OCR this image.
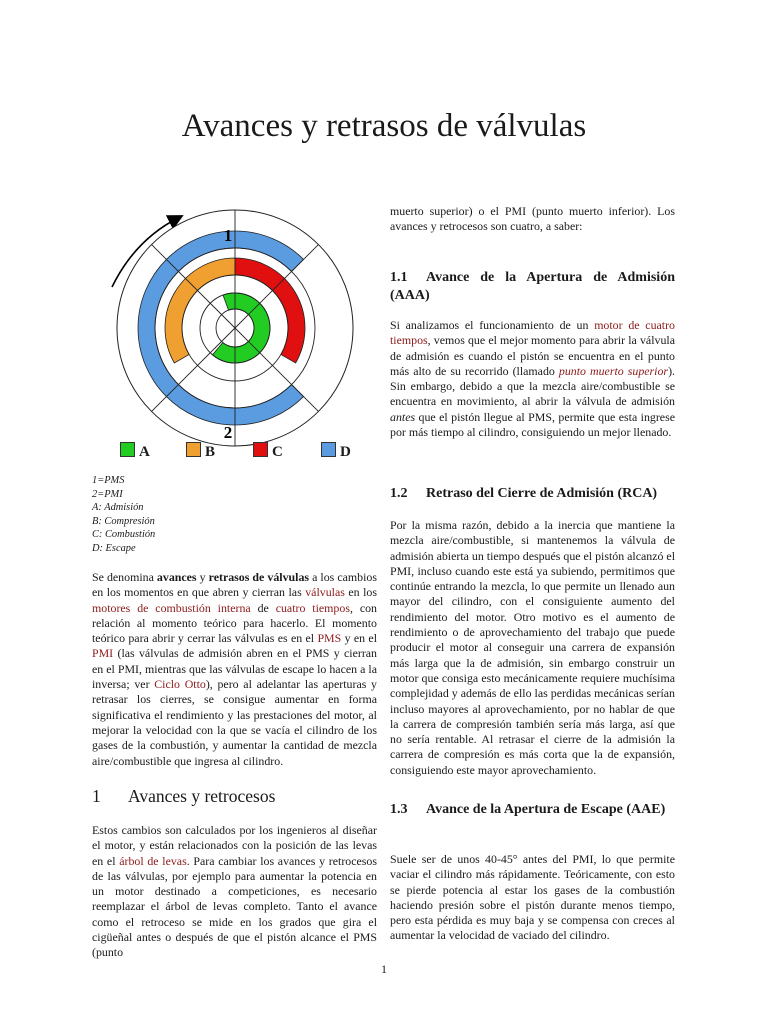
Avances y retrasos de válvulas
1
2
A	B	C	D
1=PMS
2=PMI
A: Admisión
B: Compresión
C: Combustión
D: Escape

Se denomina avances y retrasos de válvulas a los cambios en los momentos en que abren y cierran las válvulas en los motores de combustión interna de cuatro tiempos, con relación al momento teórico para hacerlo. El momento teórico para abrir y cerrar las válvulas es en el PMS y en el PMI (las válvulas de admisión abren en el PMS y cierran en el PMI, mientras que las válvulas de escape lo hacen a la inversa; ver Ciclo Otto), pero al adelantar las aperturas y retrasar los cierres, se consigue aumentar en forma significativa el rendimiento y las prestaciones del motor, al mejorar la velocidad con la que se vacía el cilindro de los gases de la combustión, y aumentar la cantidad de mezcla aire/combustible que ingresa al cilindro.

1 Avances y retrocesos

Estos cambios son calculados por los ingenieros al diseñar el motor, y están relacionados con la posición de las levas en el árbol de levas. Para cambiar los avances y retrocesos de las válvulas, por ejemplo para aumentar la potencia en un motor destinado a competiciones, es necesario reemplazar el árbol de levas completo. Tanto el avance como el retroceso se mide en los grados que gira el cigüeñal antes o después de que el pistón alcance el PMS (punto

muerto superior) o el PMI (punto muerto inferior). Los avances y retrocesos son cuatro, a saber:

1.1 Avance de la Apertura de Admisión (AAA)

Si analizamos el funcionamiento de un motor de cuatro tiempos, vemos que el mejor momento para abrir la válvula de admisión es cuando el pistón se encuentra en el punto más alto de su recorrido (llamado punto muerto superior). Sin embargo, debido a que la mezcla aire/combustible se encuentra en movimiento, al abrir la válvula de admisión antes que el pistón llegue al PMS, permite que esta ingrese por más tiempo al cilindro, consiguiendo un mejor llenado.

1.2 Retraso del Cierre de Admisión (RCA)

Por la misma razón, debido a la inercia que mantiene la mezcla aire/combustible, si mantenemos la válvula de admisión abierta un tiempo después que el pistón alcanzó el PMI, incluso cuando este está ya subiendo, permitimos que continúe entrando la mezcla, lo que permite un llenado aun mayor del cilindro, con el consiguiente aumento del rendimiento del motor. Otro motivo es el aumento de rendimiento o de aprovechamiento del trabajo que puede producir el motor al conseguir una carrera de expansión más larga que la de admisión, sin embargo construir un motor que consiga esto mecánicamente requiere muchísima complejidad y además de ello las perdidas mecánicas serían incluso mayores al aprovechamiento, por no hablar de que la carrera de compresión también sería más larga, así que no sería rentable. Al retrasar el cierre de la admisión la carrera de compresión es más corta que la de expansión, consiguiendo este mayor aprovechamiento.

1.3 Avance de la Apertura de Escape (AAE)

Suele ser de unos 40-45° antes del PMI, lo que permite vaciar el cilindro más rápidamente. Teóricamente, con esto se pierde potencia al estar los gases de la combustión haciendo presión sobre el pistón durante menos tiempo, pero esta pérdida es muy baja y se compensa con creces al aumentar la velocidad de vaciado del cilindro.

1
